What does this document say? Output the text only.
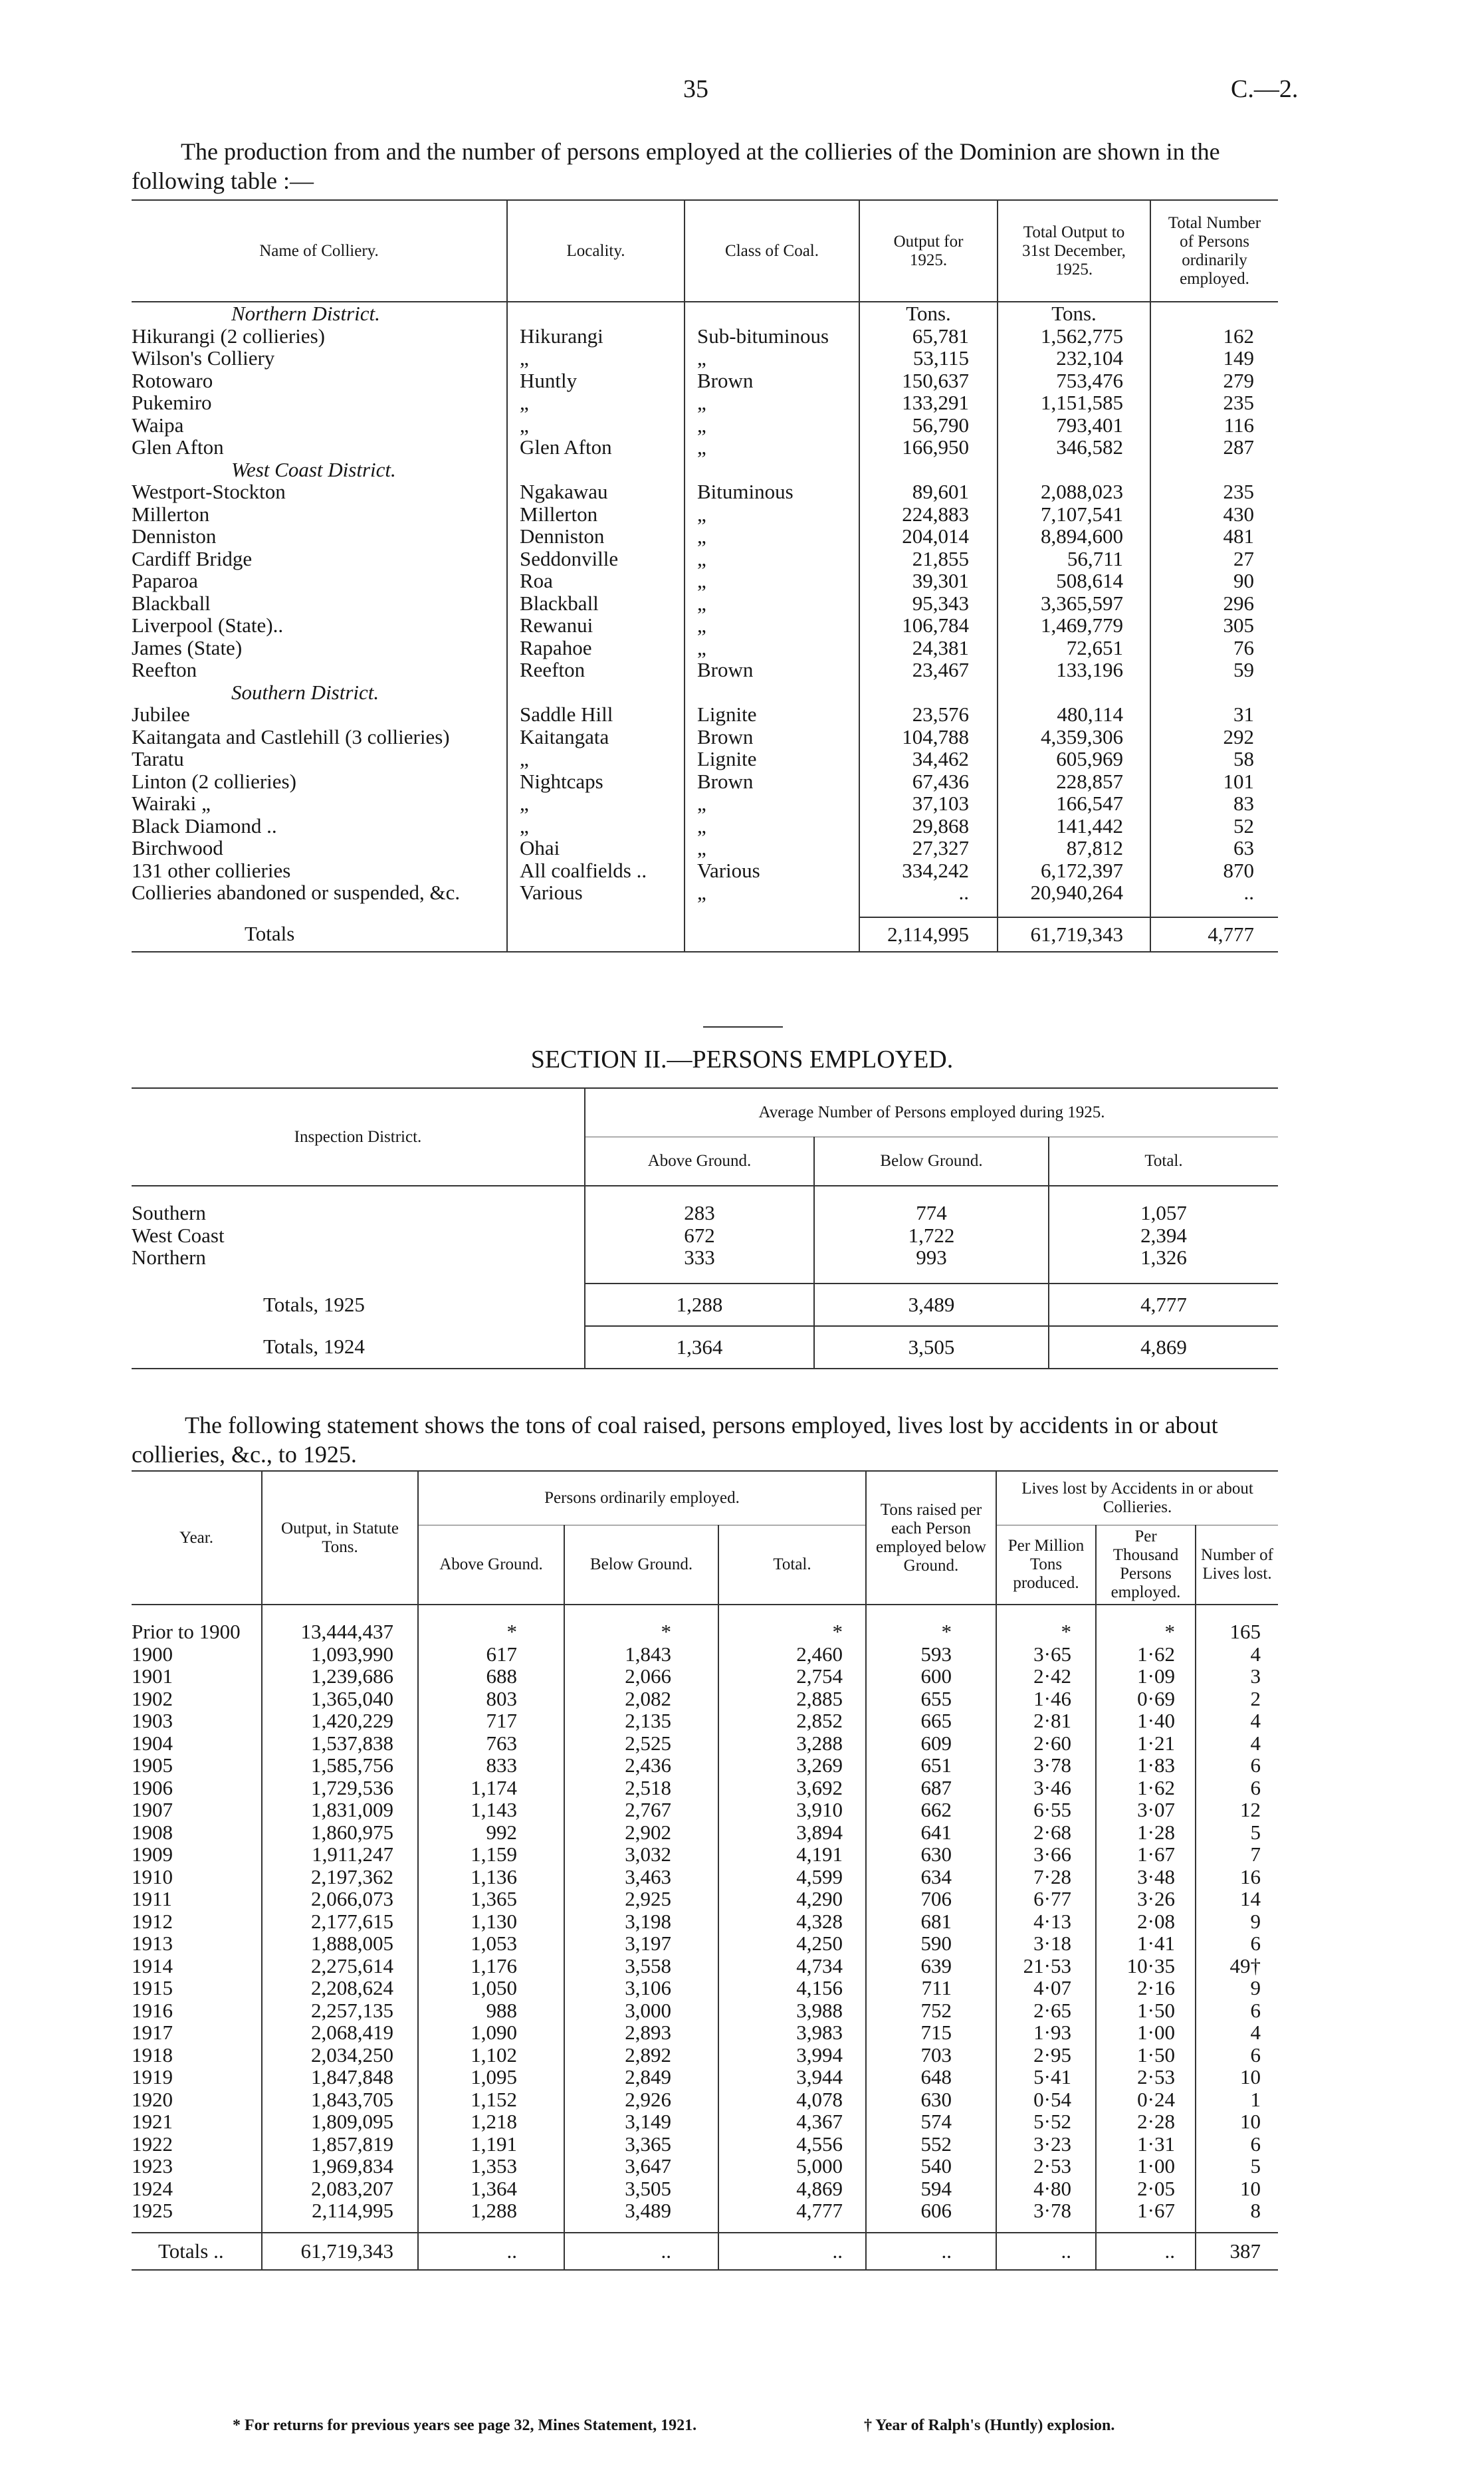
35	C.—2.
The production from and the number of persons employed at the collieries of the Dominion are shown in the following table :—
Name of Colliery.	Locality.	Class of Coal.	Output for 1925.	Total Output to 31st December, 1925.	Total Number of Persons ordinarily employed.
Northern District.			Tons.	Tons.	
Hikurangi (2 collieries)	Hikurangi	Sub-bituminous	65,781	1,562,775	162
Wilson's Colliery	„	„	53,115	232,104	149
Rotowaro	Huntly	Brown	150,637	753,476	279
Pukemiro	„	„	133,291	1,151,585	235
Waipa	„	„	56,790	793,401	116
Glen Afton	Glen Afton	„	166,950	346,582	287
West Coast District.					
Westport-Stockton	Ngakawau	Bituminous	89,601	2,088,023	235
Millerton	Millerton	„	224,883	7,107,541	430
Denniston	Denniston	„	204,014	8,894,600	481
Cardiff Bridge	Seddonville	„	21,855	56,711	27
Paparoa	Roa	„	39,301	508,614	90
Blackball	Blackball	„	95,343	3,365,597	296
Liverpool (State)..	Rewanui	„	106,784	1,469,779	305
James (State)	Rapahoe	„	24,381	72,651	76
Reefton	Reefton	Brown	23,467	133,196	59
Southern District.					
Jubilee	Saddle Hill	Lignite	23,576	480,114	31
Kaitangata and Castlehill (3 collieries)	Kaitangata	Brown	104,788	4,359,306	292
Taratu	„	Lignite	34,462	605,969	58
Linton (2 collieries)	Nightcaps	Brown	67,436	228,857	101
Wairaki „	„	„	37,103	166,547	83
Black Diamond ..	„	„	29,868	141,442	52
Birchwood	Ohai	„	27,327	87,812	63
131 other collieries	All coalfields ..	Various	334,242	6,172,397	870
Collieries abandoned or suspended, &c.	Various	„	..	20,940,264	..

Totals			2,114,995	61,719,343	4,777
SECTION II.—PERSONS EMPLOYED.
Inspection District.	Average Number of Persons employed during 1925.		
	Above Ground.	Below Ground.	Total.

Southern	283	774	1,057
West Coast	672	1,722	2,394
Northern	333	993	1,326

Totals, 1925	1,288	3,489	4,777
Totals, 1924	1,364	3,505	4,869
The following statement shows the tons of coal raised, persons employed, lives lost by accidents in or about collieries, &c., to 1925.
Year.	Output, in Statute Tons.	Persons ordinarily employed.			Tons raised per each Person employed below Ground.	Lives lost by Accidents in or about Collieries.		
		Above Ground.	Below Ground.	Total.		Per Million Tons produced.	Per Thousand Persons employed.	Number of Lives lost.

Prior to 1900	13,444,437	*	*	*	*	*	*	165
1900	1,093,990	617	1,843	2,460	593	3·65	1·62	4
1901	1,239,686	688	2,066	2,754	600	2·42	1·09	3
1902	1,365,040	803	2,082	2,885	655	1·46	0·69	2
1903	1,420,229	717	2,135	2,852	665	2·81	1·40	4
1904	1,537,838	763	2,525	3,288	609	2·60	1·21	4
1905	1,585,756	833	2,436	3,269	651	3·78	1·83	6
1906	1,729,536	1,174	2,518	3,692	687	3·46	1·62	6
1907	1,831,009	1,143	2,767	3,910	662	6·55	3·07	12
1908	1,860,975	992	2,902	3,894	641	2·68	1·28	5
1909	1,911,247	1,159	3,032	4,191	630	3·66	1·67	7
1910	2,197,362	1,136	3,463	4,599	634	7·28	3·48	16
1911	2,066,073	1,365	2,925	4,290	706	6·77	3·26	14
1912	2,177,615	1,130	3,198	4,328	681	4·13	2·08	9
1913	1,888,005	1,053	3,197	4,250	590	3·18	1·41	6
1914	2,275,614	1,176	3,558	4,734	639	21·53	10·35	49†
1915	2,208,624	1,050	3,106	4,156	711	4·07	2·16	9
1916	2,257,135	988	3,000	3,988	752	2·65	1·50	6
1917	2,068,419	1,090	2,893	3,983	715	1·93	1·00	4
1918	2,034,250	1,102	2,892	3,994	703	2·95	1·50	6
1919	1,847,848	1,095	2,849	3,944	648	5·41	2·53	10
1920	1,843,705	1,152	2,926	4,078	630	0·54	0·24	1
1921	1,809,095	1,218	3,149	4,367	574	5·52	2·28	10
1922	1,857,819	1,191	3,365	4,556	552	3·23	1·31	6
1923	1,969,834	1,353	3,647	5,000	540	2·53	1·00	5
1924	2,083,207	1,364	3,505	4,869	594	4·80	2·05	10
1925	2,114,995	1,288	3,489	4,777	606	3·78	1·67	8

Totals ..	61,719,343	..	..	..	..	..	..	387
* For returns for previous years see page 32, Mines Statement, 1921.	† Year of Ralph's (Huntly) explosion.
